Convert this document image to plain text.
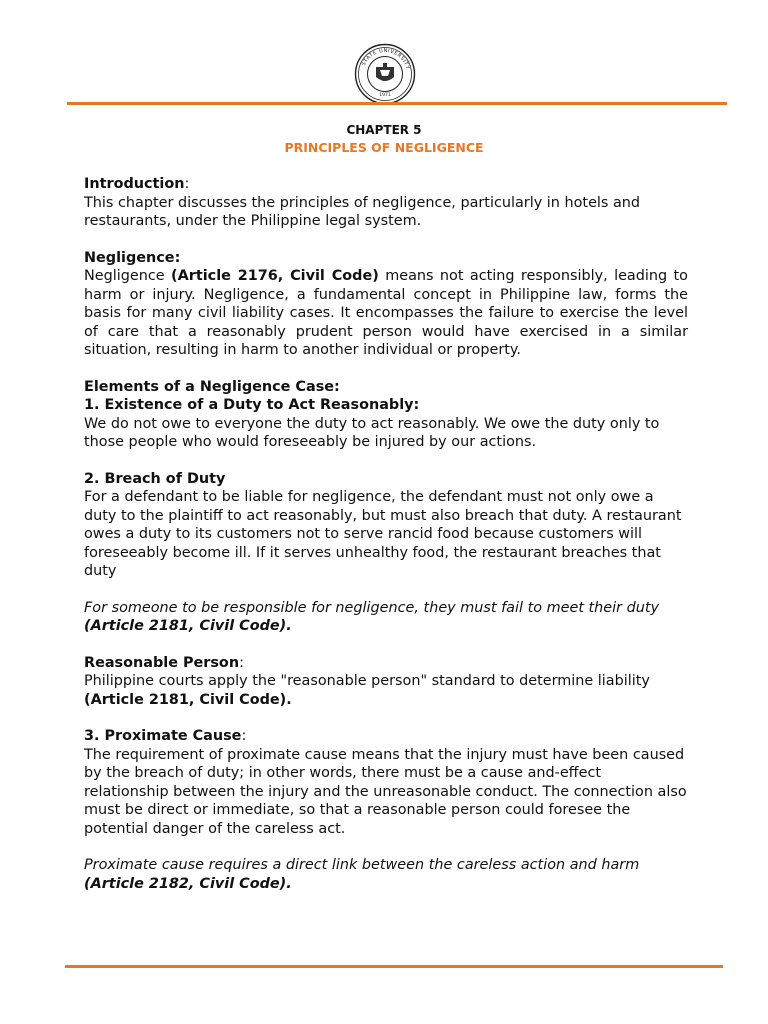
STATE UNIVERSITY
1971
CHAPTER 5
PRINCIPLES OF NEGLIGENCE

Introduction:

This chapter discusses the principles of negligence, particularly in hotels and restaurants, under the Philippine legal system.

Negligence:

Negligence (Article 2176, Civil Code) means not acting responsibly, leading to harm or injury. Negligence, a fundamental concept in Philippine law, forms the basis for many civil liability cases. It encompasses the failure to exercise the level of care that a reasonably prudent person would have exercised in a similar situation, resulting in harm to another individual or property.

Elements of a Negligence Case:

1. Existence of a Duty to Act Reasonably:

We do not owe to everyone the duty to act reasonably. We owe the duty only to those people who would foreseeably be injured by our actions.

2. Breach of Duty

For a defendant to be liable for negligence, the defendant must not only owe a duty to the plaintiff to act reasonably, but must also breach that duty. A restaurant owes a duty to its customers not to serve rancid food because customers will foreseeably become ill. If it serves unhealthy food, the restaurant breaches that duty

For someone to be responsible for negligence, they must fail to meet their duty (Article 2181, Civil Code).

Reasonable Person:

Philippine courts apply the "reasonable person" standard to determine liability (Article 2181, Civil Code).

3. Proximate Cause:

The requirement of proximate cause means that the injury must have been caused by the breach of duty; in other words, there must be a cause and-effect relationship between the injury and the unreasonable conduct. The connection also must be direct or immediate, so that a reasonable person could foresee the potential danger of the careless act.

Proximate cause requires a direct link between the careless action and harm (Article 2182, Civil Code).
